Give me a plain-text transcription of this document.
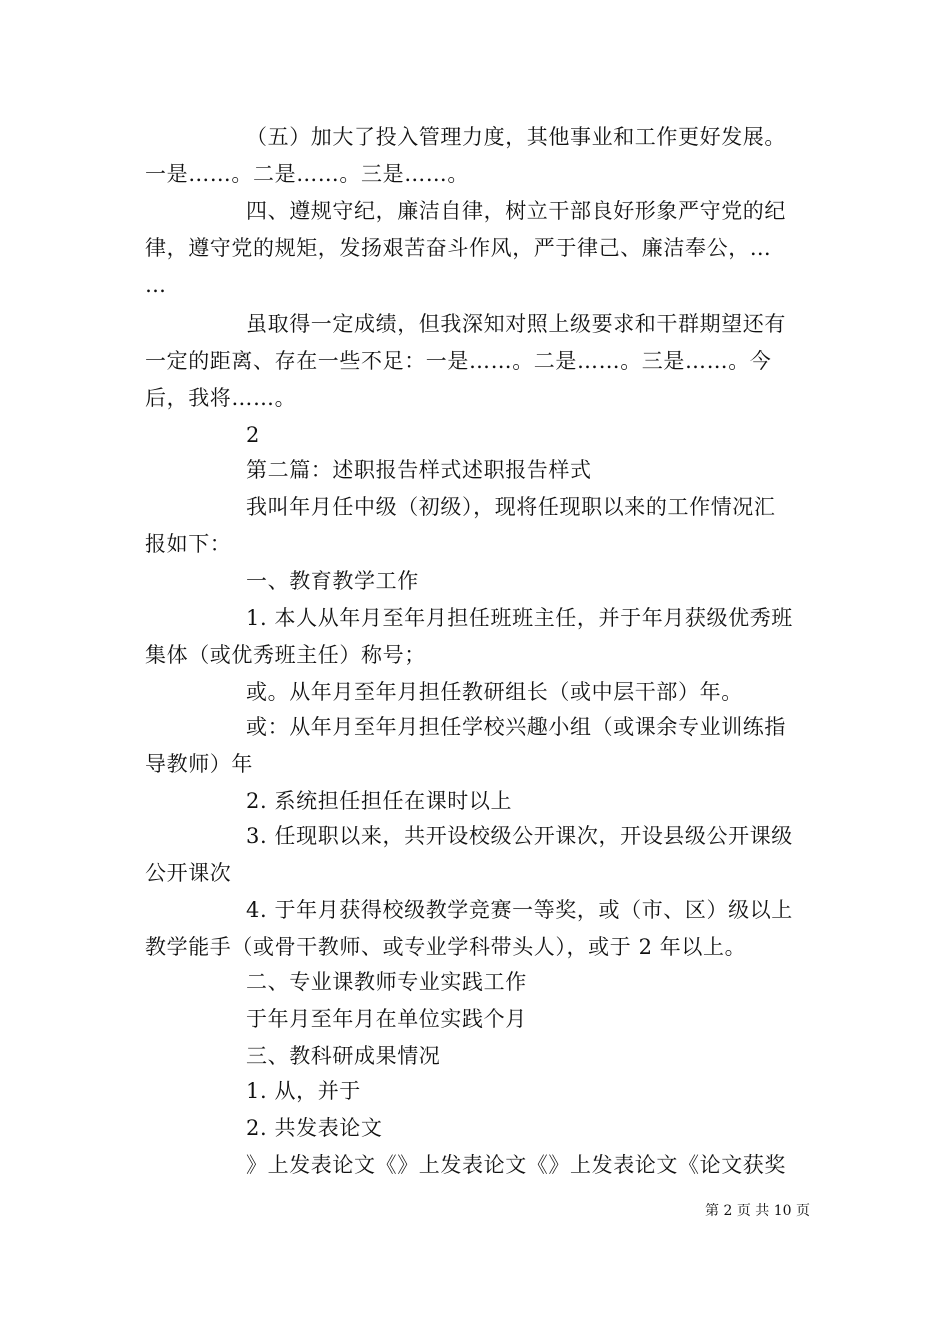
（五）加大了投入管理力度，其他事业和工作更好发展。
一是……。二是……。三是……。
四、遵规守纪，廉洁自律，树立干部良好形象严守党的纪
律，遵守党的规矩，发扬艰苦奋斗作风，严于律己、廉洁奉公，…
…
虽取得一定成绩，但我深知对照上级要求和干群期望还有
一定的距离、存在一些不足：一是……。二是……。三是……。今
后，我将……。
2
第二篇：述职报告样式述职报告样式
我叫年月任中级（初级），现将任现职以来的工作情况汇
报如下：
一、教育教学工作
1. 本人从年月至年月担任班班主任，并于年月获级优秀班
集体（或优秀班主任）称号；
或。从年月至年月担任教研组长（或中层干部）年。
或：从年月至年月担任学校兴趣小组（或课余专业训练指
导教师）年
2. 系统担任担任在课时以上
3. 任现职以来，共开设校级公开课次，开设县级公开课级
公开课次
4. 于年月获得校级教学竞赛一等奖，或（市、区）级以上
教学能手（或骨干教师、或专业学科带头人），或于 2 年以上。
二、专业课教师专业实践工作
于年月至年月在单位实践个月
三、教科研成果情况
1. 从，并于
2. 共发表论文
》上发表论文《》上发表论文《》上发表论文《论文获奖
第 2 页 共 10 页
